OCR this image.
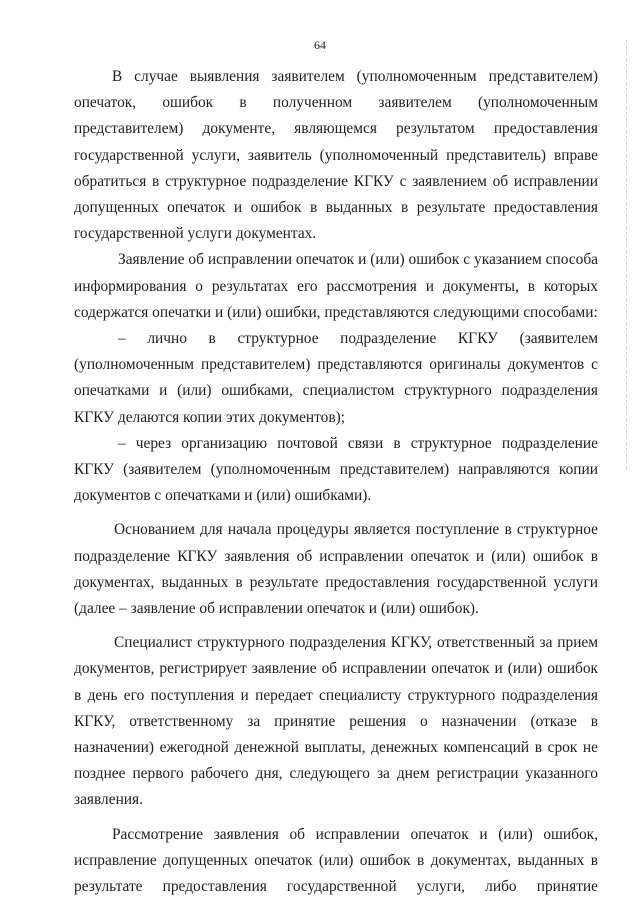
64

В случае выявления заявителем (уполномоченным представителем) опечаток, ошибок в полученном заявителем (уполномоченным представителем) документе, являющемся результатом предоставления государственной услуги, заявитель (уполномоченный представитель) вправе обратиться в структурное подразделение КГКУ с заявлением об исправлении допущенных опечаток и ошибок в выданных в результате предоставления государственной услуги документах.

Заявление об исправлении опечаток и (или) ошибок с указанием способа информирования о результатах его рассмотрения и документы, в которых содержатся опечатки и (или) ошибки, представляются следующими способами:

– лично в структурное подразделение КГКУ (заявителем (уполномоченным представителем) представляются оригиналы документов с опечатками и (или) ошибками, специалистом структурного подразделения КГКУ делаются копии этих документов);

– через организацию почтовой связи в структурное подразделение КГКУ (заявителем (уполномоченным представителем) направляются копии документов с опечатками и (или) ошибками).

Основанием для начала процедуры является поступление в структурное подразделение КГКУ заявления об исправлении опечаток и (или) ошибок в документах, выданных в результате предоставления государственной услуги (далее – заявление об исправлении опечаток и (или) ошибок).

Специалист структурного подразделения КГКУ, ответственный за прием документов, регистрирует заявление об исправлении опечаток и (или) ошибок в день его поступления и передает специалисту структурного подразделения КГКУ, ответственному за принятие решения о назначении (отказе в назначении) ежегодной денежной выплаты, денежных компенсаций в срок не позднее первого рабочего дня, следующего за днем регистрации указанного заявления.

Рассмотрение заявления об исправлении опечаток и (или) ошибок, исправление допущенных опечаток (или) ошибок в документах, выданных в результате предоставления государственной услуги, либо принятие
